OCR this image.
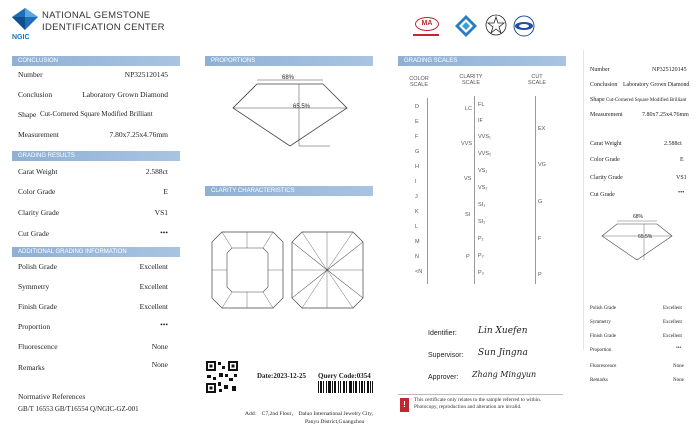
NGIC
NATIONAL GEMSTONE
IDENTIFICATION CENTER
CONCLUSION
Number	NP325120145
Conclusion	Laboratory Grown Diamond
Shape Cut-Cornered Square Modified Brilliant
Measurement	7.80x7.25x4.76mm
GRADING RESULTS
Carat Weight	2.588ct
Color Grade	E
Clarity Grade	VS1
Cut Grade	•••
ADDITIONAL GRADING INFORMATION
Polish Grade	Excellent
Symmetry	Excellent
Finish Grade	Excellent
Proportion	•••
Fluorescence	None
Remarks	None
Normative References
GB/T 16553 GB/T16554 Q/NGIC-GZ-001
PROPORTIONS
68%
65.5%
CLARITY CHARACTERISTICS
Date:2023-12-25 Query Code:0354
Add： C7,2nd Floor， Daluo International Jewelry City,
Panyu District,Guangzhou
MA
GRADING SCALES
COLOR
SCALE
CLARITY
SCALE
CUT
SCALE
D
E
F
G
H
I
J
K
L
M
N
<N
LC
VVS
VS
SI
P
FL
IF
VVS₁
VVS₂
VS₁
VS₂
SI₁
SI₂
P₁
P₂
P₃
EX
VG
G
F
P
Identifier: Lin Xuefen
Supervisor: Sun Jingna
Approver: Zhang Mingyun
!	This certificate only relates to the sample referred to within. Photocopy, reproduction and alteration are invalid.
Number	NP325120145
Conclusion Laboratory Grown Diamond
Shape Cut-Cornered Square Modified Brilliant
Measurement	7.80x7.25x4.76mm
Carat Weight	2.588ct
Color Grade	E
Clarity Grade	VS1
Cut Grade	•••
68%
65.5%
Polish Grade	Excellent
Symmetry	Excellent
Finish Grade	Excellent
Proportion	•••
Fluorescence	None
Remarks	None
